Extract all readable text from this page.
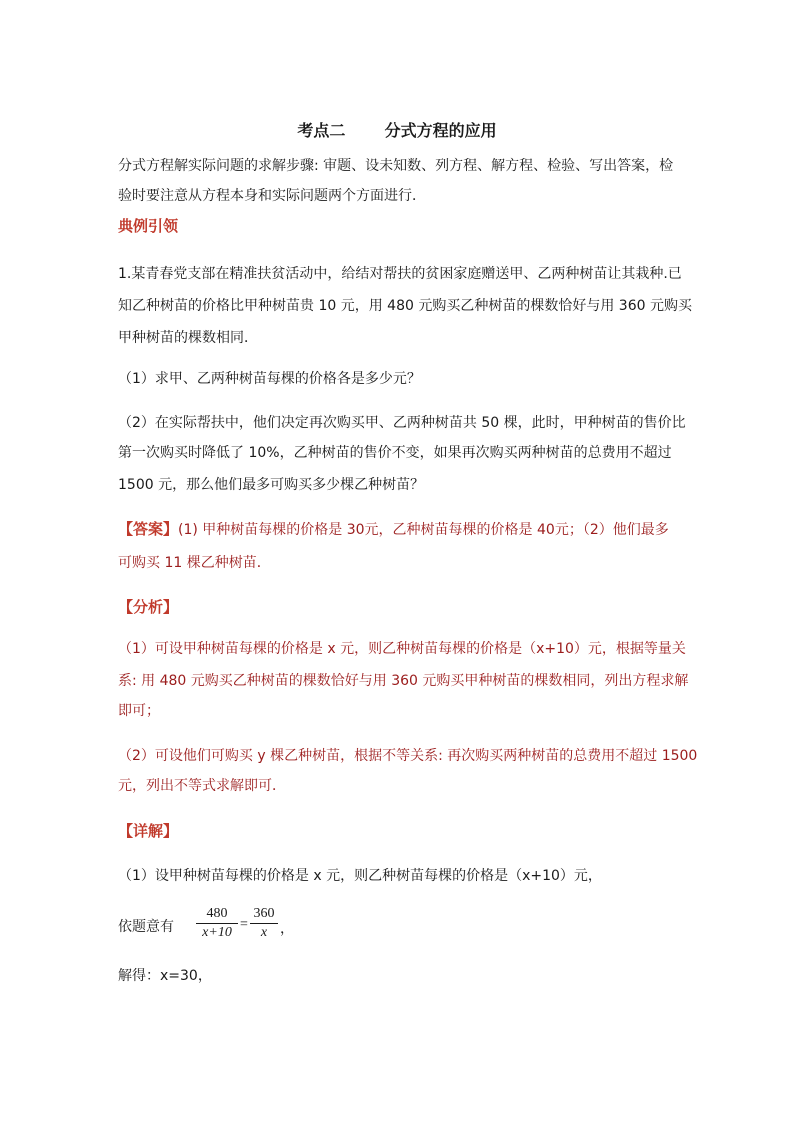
考点二 分式方程的应用
分式方程解实际问题的求解步骤: 审题、设未知数、列方程、解方程、检验、写出答案，检
验时要注意从方程本身和实际问题两个方面进行．
典例引领
1.某青春党支部在精准扶贫活动中，给结对帮扶的贫困家庭赠送甲、乙两种树苗让其栽种.已
知乙种树苗的价格比甲种树苗贵 10 元，用 480 元购买乙种树苗的棵数恰好与用 360 元购买
甲种树苗的棵数相同．
（1）求甲、乙两种树苗每棵的价格各是多少元？
（2）在实际帮扶中，他们决定再次购买甲、乙两种树苗共 50 棵，此时，甲种树苗的售价比
第一次购买时降低了 10%，乙种树苗的售价不变，如果再次购买两种树苗的总费用不超过
1500 元，那么他们最多可购买多少棵乙种树苗？
【答案】(1) 甲种树苗每棵的价格是 30元，乙种树苗每棵的价格是 40元；（2）他们最多
可购买 11 棵乙种树苗．
【分析】
（1）可设甲种树苗每棵的价格是 x 元，则乙种树苗每棵的价格是（x+10）元，根据等量关
系: 用 480 元购买乙种树苗的棵数恰好与用 360 元购买甲种树苗的棵数相同，列出方程求解
即可；
（2）可设他们可购买 y 棵乙种树苗，根据不等关系: 再次购买两种树苗的总费用不超过 1500
元，列出不等式求解即可．
【详解】
（1）设甲种树苗每棵的价格是 x 元，则乙种树苗每棵的价格是（x+10）元，
依题意有
480
x+10
=
360
x ，
解得：x=30，
